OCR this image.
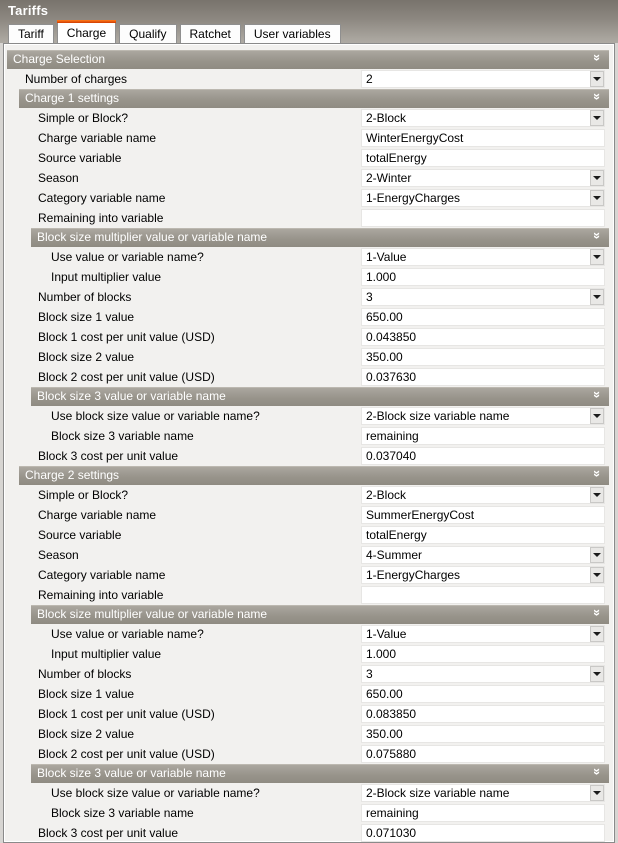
Tariffs
Tariff	Charge	Qualify	Ratchet	User variables
Charge Selection	»
Number of charges	2
Charge 1 settings	»
Simple or Block?	2-Block
Charge variable name	WinterEnergyCost
Source variable	totalEnergy
Season	2-Winter
Category variable name	1-EnergyCharges
Remaining into variable
Block size multiplier value or variable name	»
Use value or variable name?	1-Value
Input multiplier value	1.000
Number of blocks	3
Block size 1 value	650.00
Block 1 cost per unit value (USD)	0.043850
Block size 2 value	350.00
Block 2 cost per unit value (USD)	0.037630
Block size 3 value or variable name	»
Use block size value or variable name?	2-Block size variable name
Block size 3 variable name	remaining
Block 3 cost per unit value	0.037040
Charge 2 settings	»
Simple or Block?	2-Block
Charge variable name	SummerEnergyCost
Source variable	totalEnergy
Season	4-Summer
Category variable name	1-EnergyCharges
Remaining into variable
Block size multiplier value or variable name	»
Use value or variable name?	1-Value
Input multiplier value	1.000
Number of blocks	3
Block size 1 value	650.00
Block 1 cost per unit value (USD)	0.083850
Block size 2 value	350.00
Block 2 cost per unit value (USD)	0.075880
Block size 3 value or variable name	»
Use block size value or variable name?	2-Block size variable name
Block size 3 variable name	remaining
Block 3 cost per unit value	0.071030
